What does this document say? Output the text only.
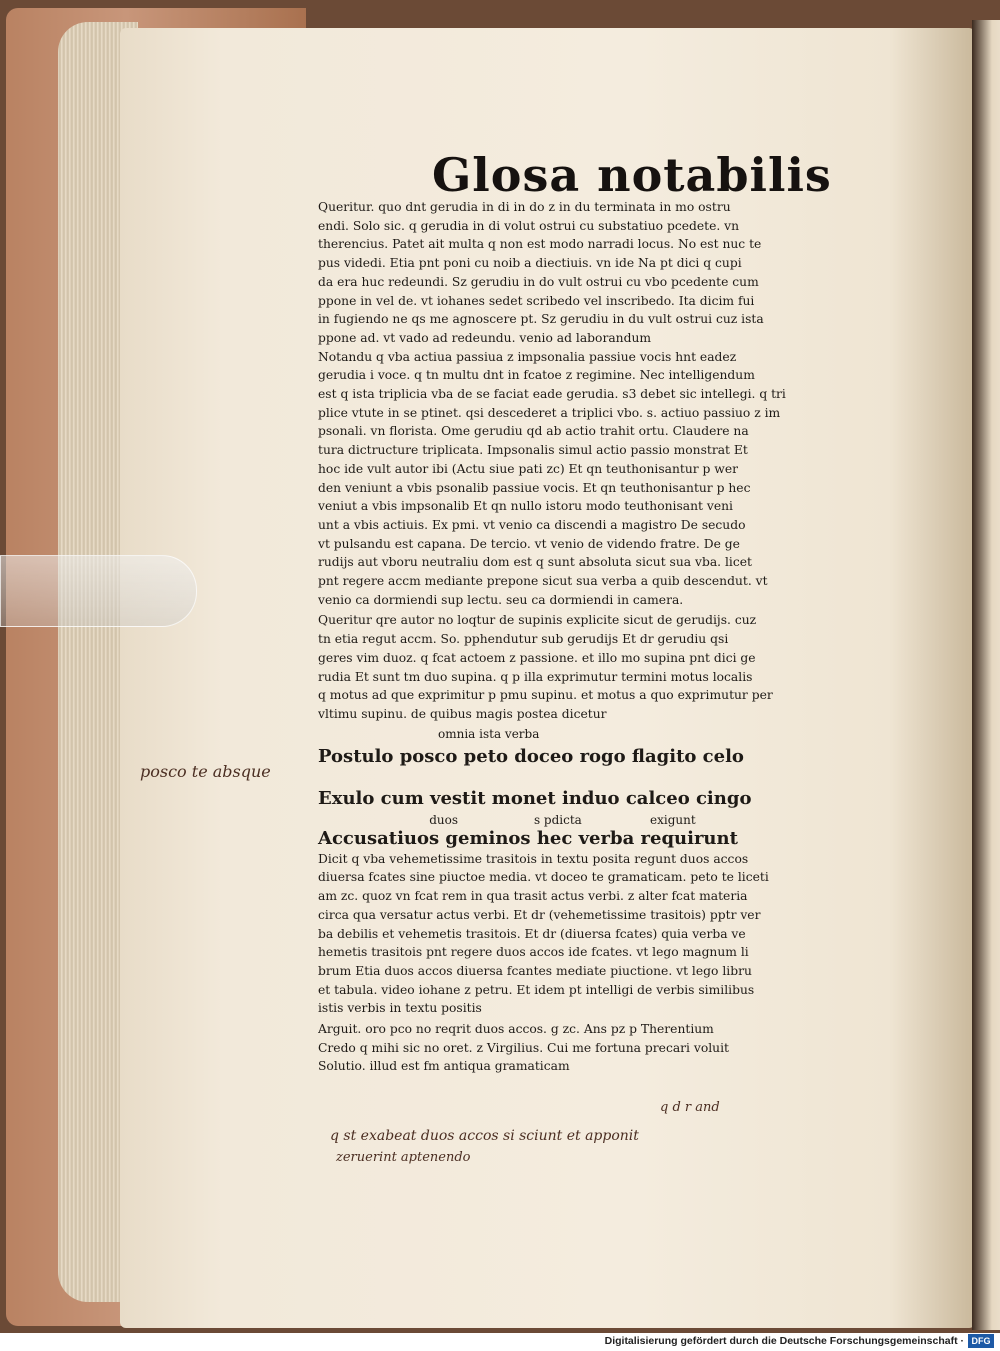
Glosa notabilis
Queritur. quo dnt gerudia in di in do z in du terminata in mo ostru
endi. Solo sic. q gerudia in di volut ostrui cu substatiuo pcedete. vn
therencius. Patet ait multa q non est modo narradi locus. No est nuc te
pus videdi. Etia pnt poni cu noib a diectiuis. vn ide Na pt dici q cupi
da era huc redeundi. Sz gerudiu in do vult ostrui cu vbo pcedente cum
ppone in vel de. vt iohanes sedet scribedo vel inscribedo. Ita dicim fui
in fugiendo ne qs me agnoscere pt. Sz gerudiu in du vult ostrui cuz ista
ppone ad. vt vado ad redeundu. venio ad laborandum
Notandu q vba actiua passiua z impsonalia passiue vocis hnt eadez
gerudia i voce. q tn multu dnt in fcatoe z regimine. Nec intelligendum
est q ista triplicia vba de se faciat eade gerudia. s3 debet sic intellegi. q tri
plice vtute in se ptinet. qsi descederet a triplici vbo. s. actiuo passiuo z im
psonali. vn florista. Ome gerudiu qd ab actio trahit ortu. Claudere na
tura dictructure triplicata. Impsonalis simul actio passio monstrat Et
hoc ide vult autor ibi (Actu siue pati zc) Et qn teuthonisantur p wer
den veniunt a vbis psonalib passiue vocis. Et qn teuthonisantur p hec
veniut a vbis impsonalib Et qn nullo istoru modo teuthonisant veni
unt a vbis actiuis. Ex pmi. vt venio ca discendi a magistro De secudo
vt pulsandu est capana. De tercio. vt venio de videndo fratre. De ge
rudijs aut vboru neutraliu dom est q sunt absoluta sicut sua vba. licet
pnt regere accm mediante prepone sicut sua verba a quib descendut. vt
venio ca dormiendi sup lectu. seu ca dormiendi in camera.
Queritur qre autor no loqtur de supinis explicite sicut de gerudijs. cuz
tn etia regut accm. So. pphendutur sub gerudijs Et dr gerudiu qsi
geres vim duoz. q fcat actoem z passione. et illo mo supina pnt dici ge
rudia Et sunt tm duo supina. q p illa exprimutur termini motus localis
q motus ad que exprimitur p pmu supinu. et motus a quo exprimutur per
vltimu supinu. de quibus magis postea dicetur

omnia ista verba

Postulo posco peto doceo rogo flagito celo

Exulo cum vestit monet induo calceo cingo

duos	s pdicta	exigunt

Accusatiuos geminos hec verba requirunt

Dicit q vba vehemetissime trasitois in textu posita regunt duos accos
diuersa fcates sine piuctoe media. vt doceo te gramaticam. peto te liceti
am zc. quoz vn fcat rem in qua trasit actus verbi. z alter fcat materia
circa qua versatur actus verbi. Et dr (vehemetissime trasitois) pptr ver
ba debilis et vehemetis trasitois. Et dr (diuersa fcates) quia verba ve
hemetis trasitois pnt regere duos accos ide fcates. vt lego magnum li
brum Etia duos accos diuersa fcantes mediate piuctione. vt lego libru
et tabula. video iohane z petru. Et idem pt intelligi de verbis similibus
istis verbis in textu positis
Arguit. oro pco no reqrit duos accos. g zc. Ans pz p Therentium
Credo q mihi sic no oret. z Virgilius. Cui me fortuna precari voluit
Solutio. illud est fm antiqua gramaticam
posco te absque
q d r and
q st exabeat duos accos si sciunt et apponit
zeruerint aptenendo
Digitalisierung gefördert durch die Deutsche Forschungsgemeinschaft · DFG
